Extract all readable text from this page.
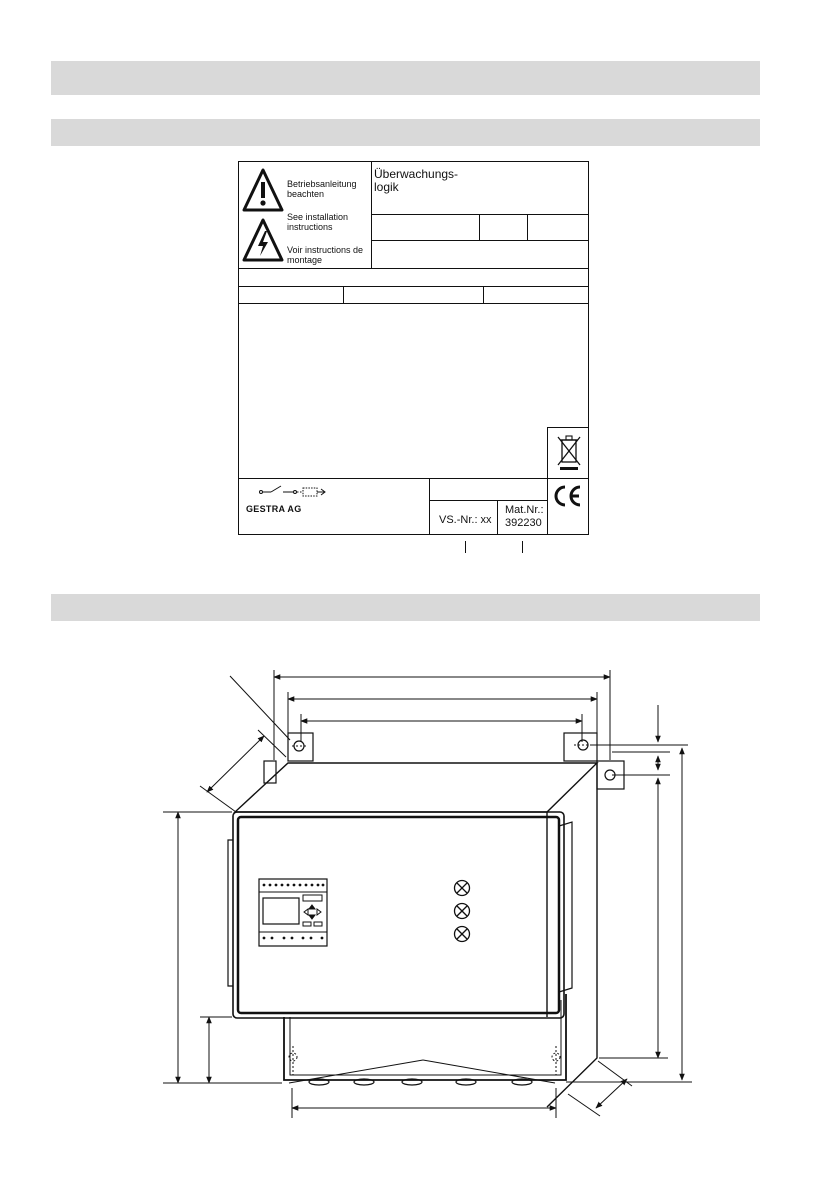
Betriebsanleitung beachten
See installation instructions
Voir instructions de montage
Überwachungs-
logik
GESTRA AG
VS.-Nr.: xx
Mat.Nr.:
392230
